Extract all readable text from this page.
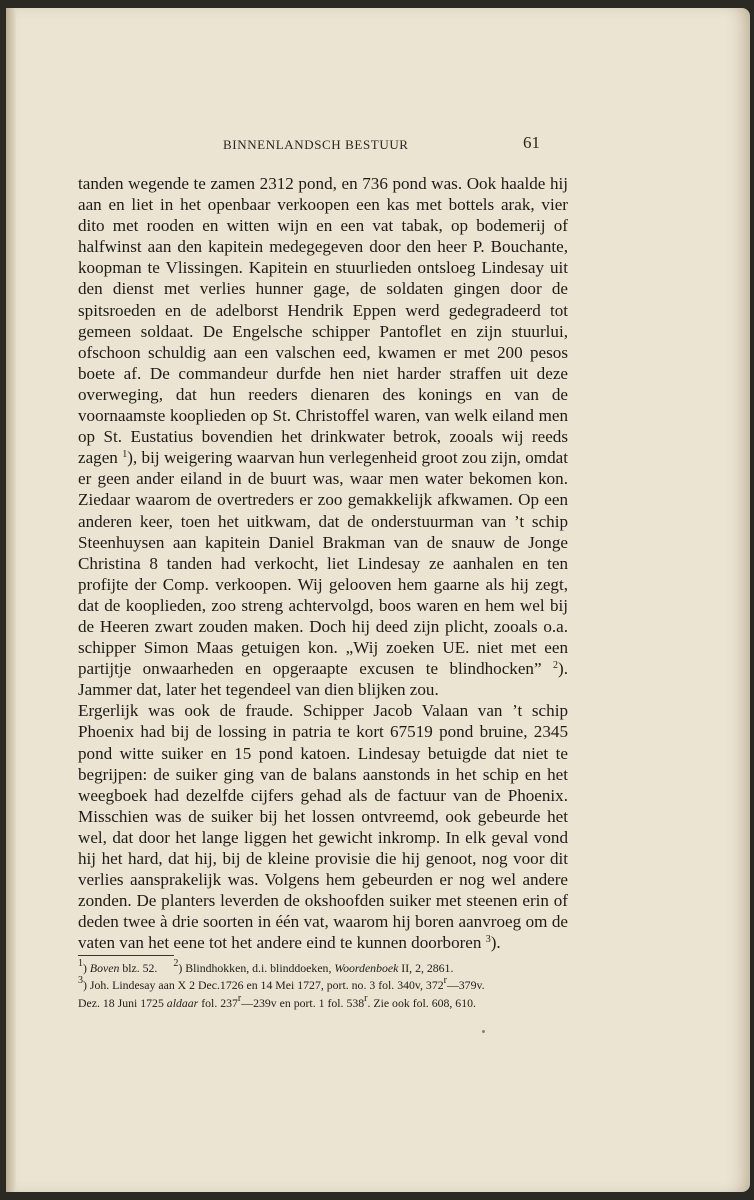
BINNENLANDSCH BESTUUR	61

tanden wegende te zamen 2312 pond, en 736 pond was. Ook haalde hij aan en liet in het openbaar verkoopen een kas met bottels arak, vier dito met rooden en witten wijn en een vat tabak, op bodemerij of halfwinst aan den kapitein medegegeven door den heer P. Bouchante, koopman te Vlissingen. Kapitein en stuurlieden ontsloeg Lindesay uit den dienst met verlies hunner gage, de soldaten gingen door de spitsroeden en de adelborst Hendrik Eppen werd gedegradeerd tot gemeen soldaat. De Engelsche schipper Pantoflet en zijn stuurlui, ofschoon schuldig aan een valschen eed, kwamen er met 200 pesos boete af. De commandeur durfde hen niet harder straffen uit deze overweging, dat hun reeders dienaren des konings en van de voornaamste kooplieden op St. Christoffel waren, van welk eiland men op St. Eustatius bovendien het drinkwater betrok, zooals wij reeds zagen $^1$), bij weigering waarvan hun verlegenheid groot zou zijn, omdat er geen ander eiland in de buurt was, waar men water bekomen kon. Ziedaar waarom de overtreders er zoo gemakkelijk afkwamen. Op een anderen keer, toen het uitkwam, dat de onderstuurman van ’t schip Steenhuysen aan kapitein Daniel Brakman van de snauw de Jonge Christina 8 tanden had verkocht, liet Lindesay ze aanhalen en ten profijte der Comp. verkoopen. Wij gelooven hem gaarne als hij zegt, dat de kooplieden, zoo streng achtervolgd, boos waren en hem wel bij de Heeren zwart zouden maken. Doch hij deed zijn plicht, zooals o.a. schipper Simon Maas getuigen kon. „Wij zoeken UE. niet met een partijtje onwaarheden en opgeraapte excusen te blindhocken” $^2$). Jammer dat, later het tegendeel van dien blijken zou.

Ergerlijk was ook de fraude. Schipper Jacob Valaan van ’t schip Phoenix had bij de lossing in patria te kort 67519 pond bruine, 2345 pond witte suiker en 15 pond katoen. Lindesay betuigde dat niet te begrijpen: de suiker ging van de balans aanstonds in het schip en het weegboek had dezelfde cijfers gehad als de factuur van de Phoenix. Misschien was de suiker bij het lossen ontvreemd, ook gebeurde het wel, dat door het lange liggen het gewicht inkromp. In elk geval vond hij het hard, dat hij, bij de kleine provisie die hij genoot, nog voor dit verlies aansprakelijk was. Volgens hem gebeurden er nog wel andere zonden. De planters leverden de okshoofden suiker met steenen erin of deden twee à drie soorten in één vat, waarom hij boren aanvroeg om de vaten van het eene tot het andere eind te kunnen doorboren $^3$).

$^1$) Boven blz. 52. $^2$) Blindhokken, d.i. blinddoeken, Woordenboek II, 2, 2861.
$^3$) Joh. Lindesay aan X 2 Dec.1726 en 14 Mei 1727, port. no. 3 fol. 340v, 372$^r$—379v.
Dez. 18 Juni 1725 aldaar fol. 237$^r$—239v en port. 1 fol. 538$^r$. Zie ook fol. 608, 610.
